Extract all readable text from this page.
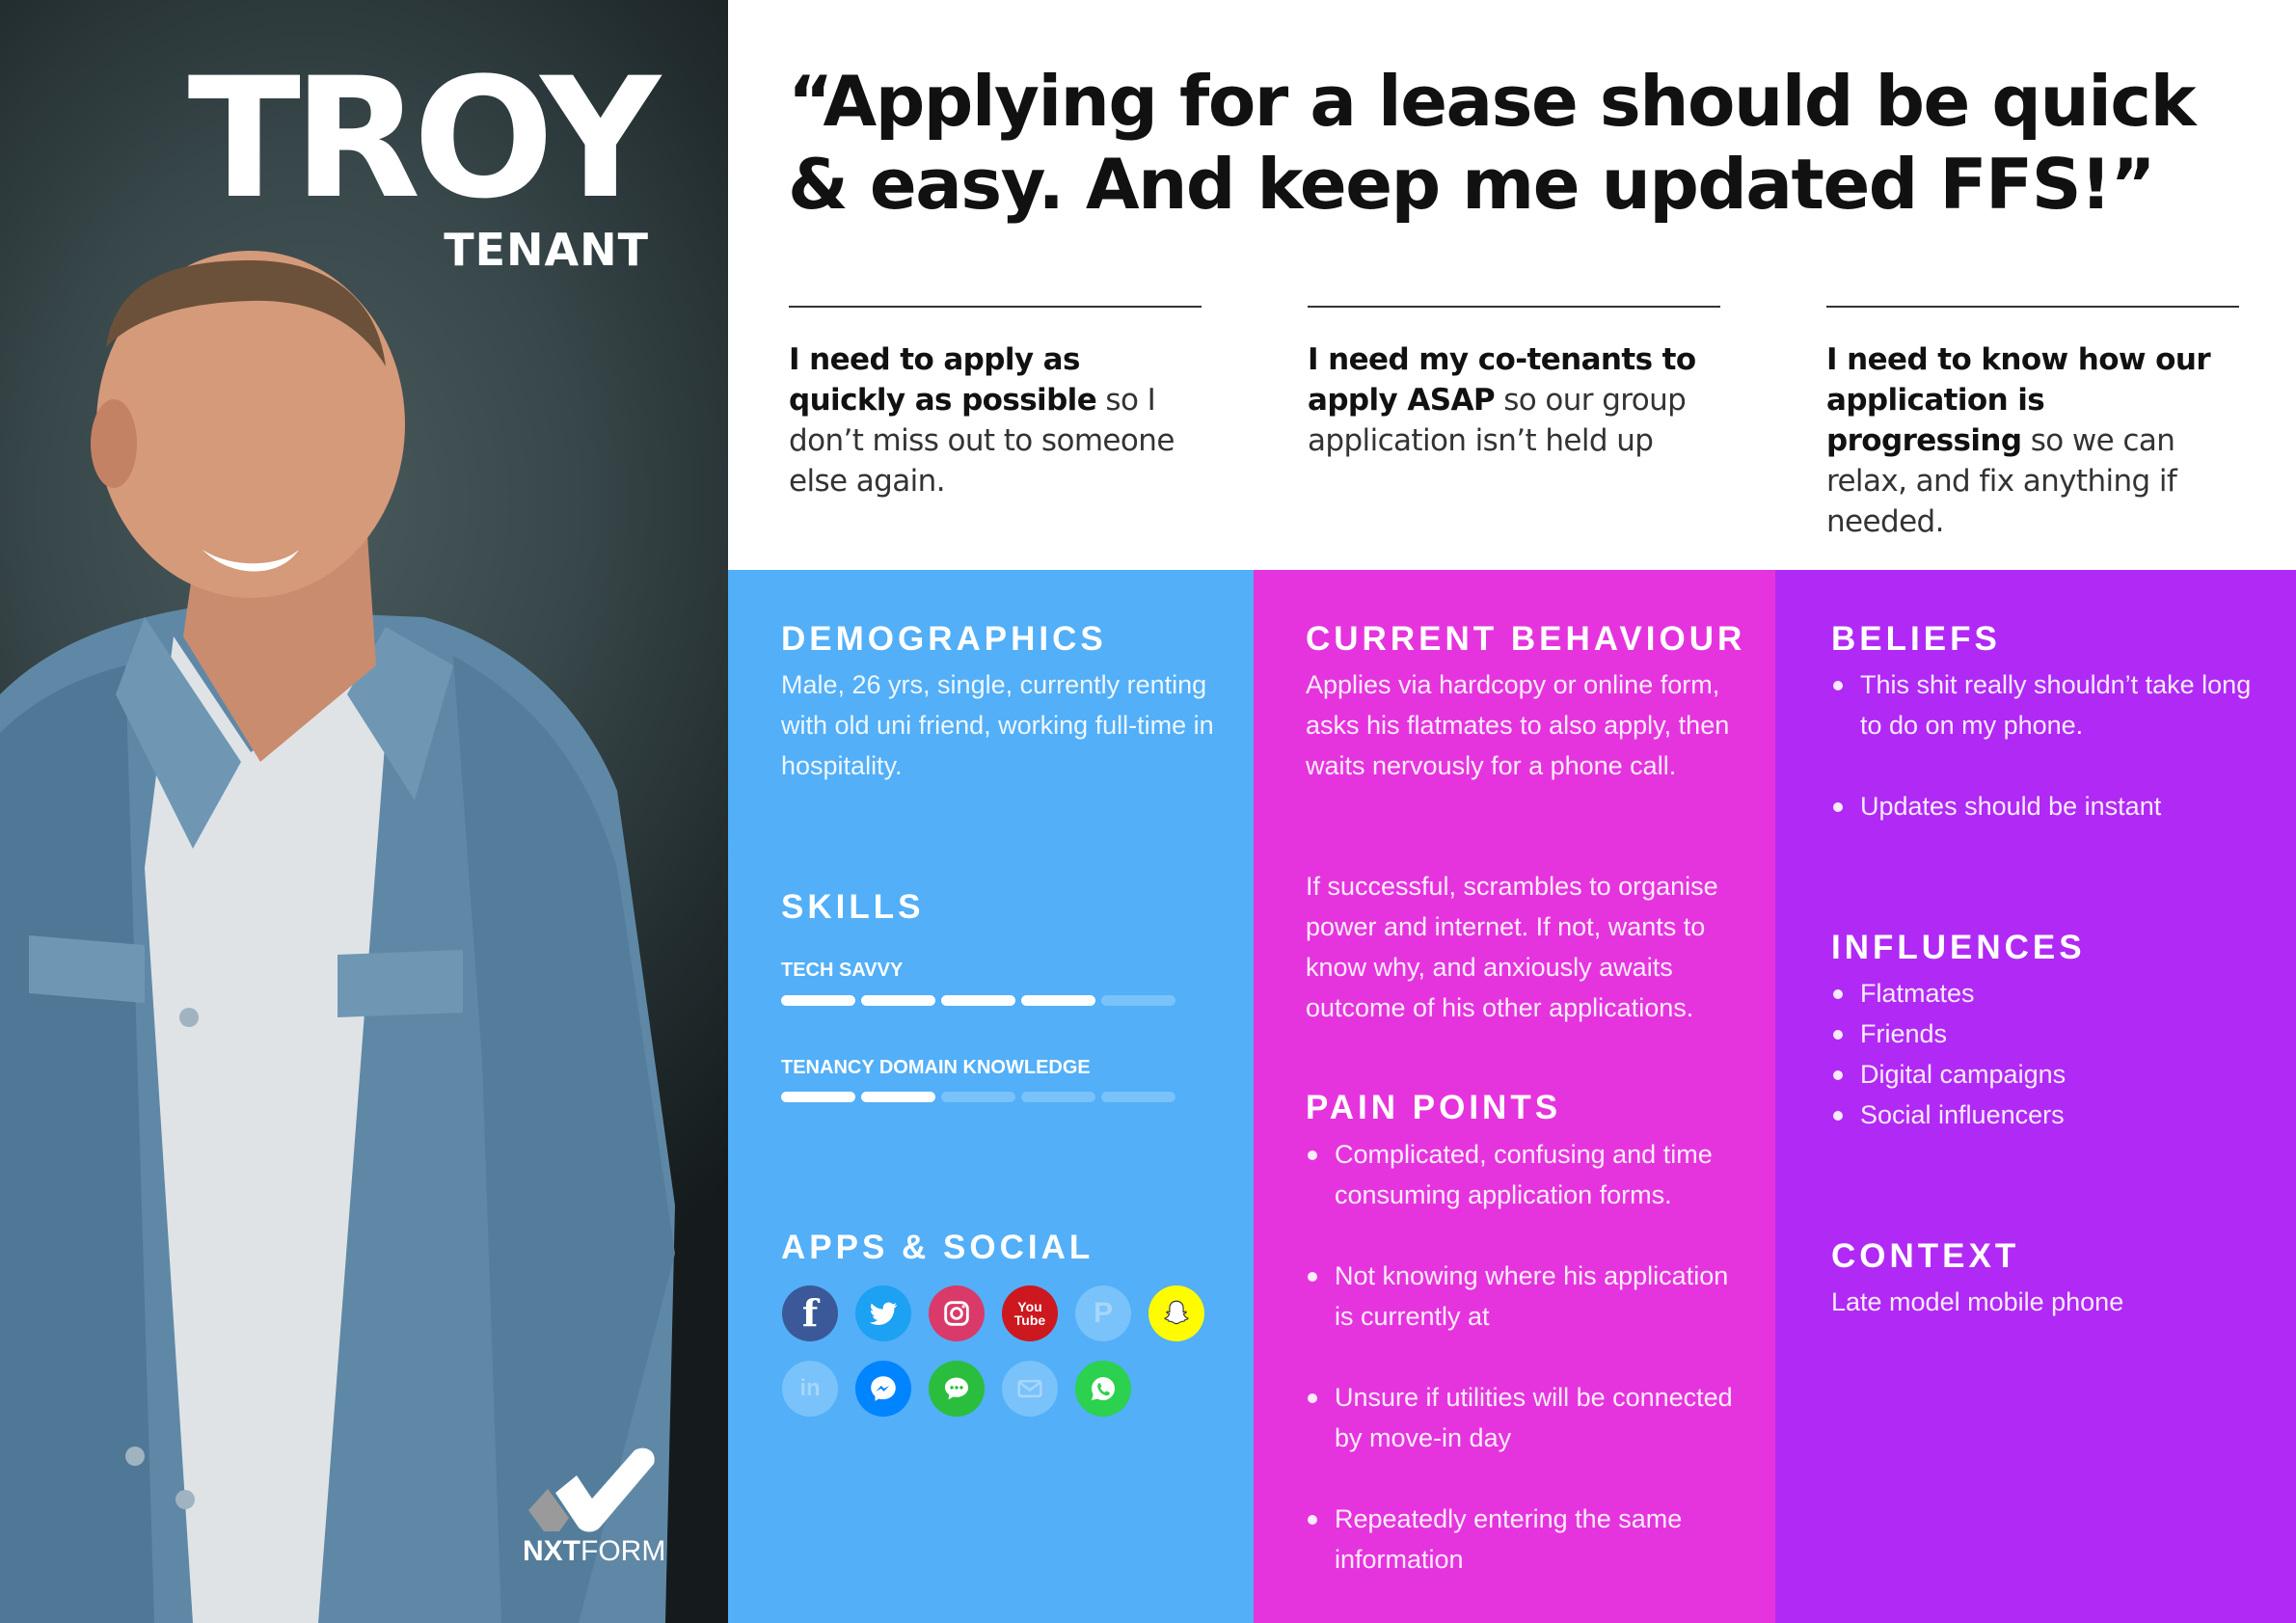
TROY
TENANT
NXTFORM
“Applying for a lease should be quick & easy. And keep me updated FFS!”

I need to apply as quickly as possible so I don’t miss out to someone else again.

I need my co-tenants to apply ASAP so our group application isn’t held up

I need to know how our application is progressing so we can relax, and fix anything if needed.

DEMOGRAPHICS
Male, 26 yrs, single, currently renting with old uni friend, working full-time in hospitality.
SKILLS
TECH SAVVY
TENANCY DOMAIN KNOWLEDGE
APPS & SOCIAL
f	You Tube	P
in
CURRENT BEHAVIOUR
Applies via hardcopy or online form, asks his flatmates to also apply, then waits nervously for a phone call.
If successful, scrambles to organise power and internet. If not, wants to know why, and anxiously awaits outcome of his other applications.
PAIN POINTS
Complicated, confusing and time consuming application forms.
Not knowing where his application is currently at
Unsure if utilities will be connected by move-in day
Repeatedly entering the same information
BELIEFS
This shit really shouldn’t take long to do on my phone.
Updates should be instant
INFLUENCES
Flatmates
Friends
Digital campaigns
Social influencers
CONTEXT
Late model mobile phone
